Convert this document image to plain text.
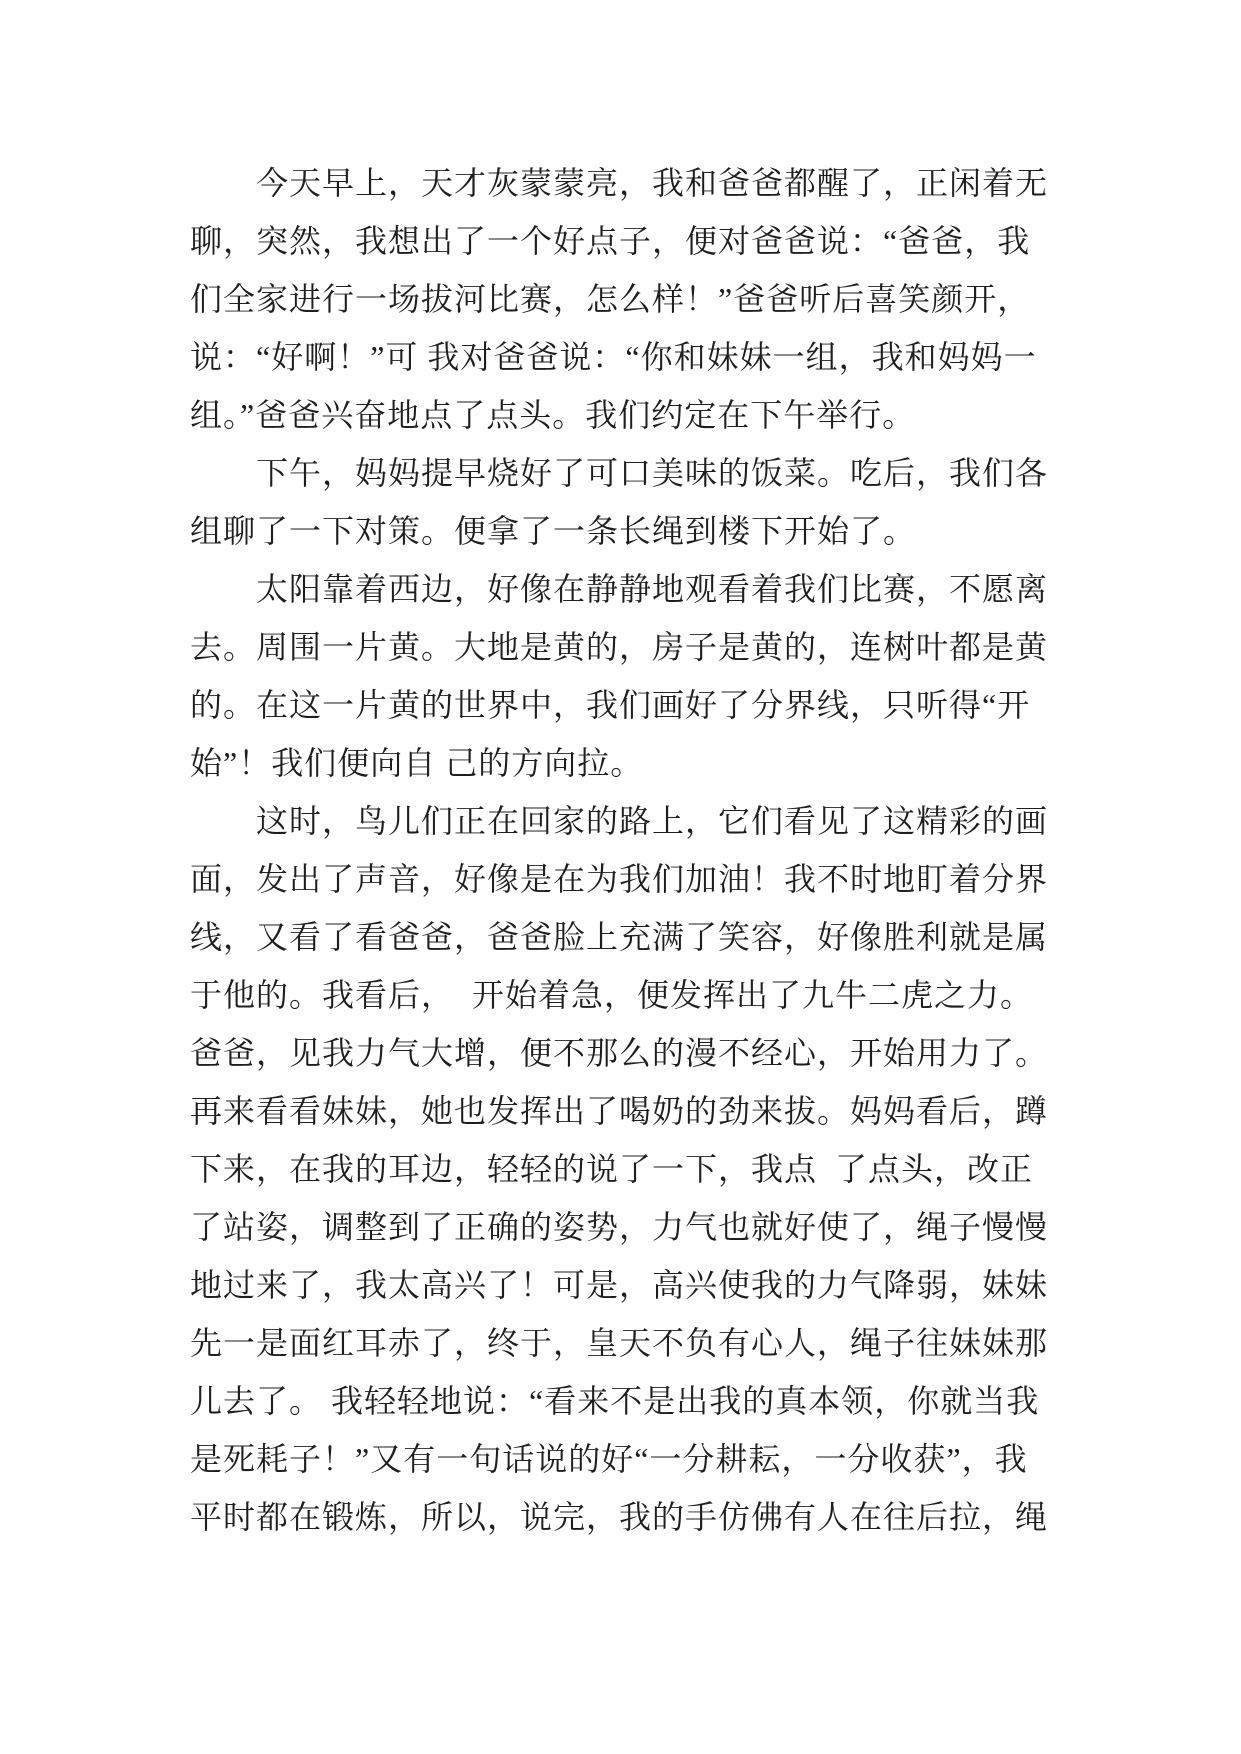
今天早上，天才灰蒙蒙亮，我和爸爸都醒了，正闲着无
聊，突然，我想出了一个好点子，便对爸爸说：“爸爸，我
们全家进行一场拔河比赛，怎么样！”爸爸听后喜笑颜开，
说：“好啊！”可 我对爸爸说：“你和妹妹一组，我和妈妈一
组。”爸爸兴奋地点了点头。我们约定在下午举行。
下午，妈妈提早烧好了可口美味的饭菜。吃后，我们各
组聊了一下对策。便拿了一条长绳到楼下开始了。
太阳靠着西边，好像在静静地观看着我们比赛，不愿离
去。周围一片黄。大地是黄的，房子是黄的，连树叶都是黄
的。在这一片黄的世界中，我们画好了分界线，只听得“开
始”！我们便向自 己的方向拉。
这时，鸟儿们正在回家的路上，它们看见了这精彩的画
面，发出了声音，好像是在为我们加油！我不时地盯着分界
线，又看了看爸爸，爸爸脸上充满了笑容，好像胜利就是属
于他的。我看后，  开始着急，便发挥出了九牛二虎之力。
爸爸，见我力气大增，便不那么的漫不经心，开始用力了。
再来看看妹妹，她也发挥出了喝奶的劲来拔。妈妈看后，蹲
下来，在我的耳边，轻轻的说了一下，我点  了点头，改正
了站姿，调整到了正确的姿势，力气也就好使了，绳子慢慢
地过来了，我太高兴了！可是，高兴使我的力气降弱，妹妹
先一是面红耳赤了，终于，皇天不负有心人，绳子往妹妹那
儿去了。 我轻轻地说：“看来不是出我的真本领，你就当我
是死耗子！”又有一句话说的好“一分耕耘，一分收获”，我
平时都在锻炼，所以，说完，我的手仿佛有人在往后拉，绳
